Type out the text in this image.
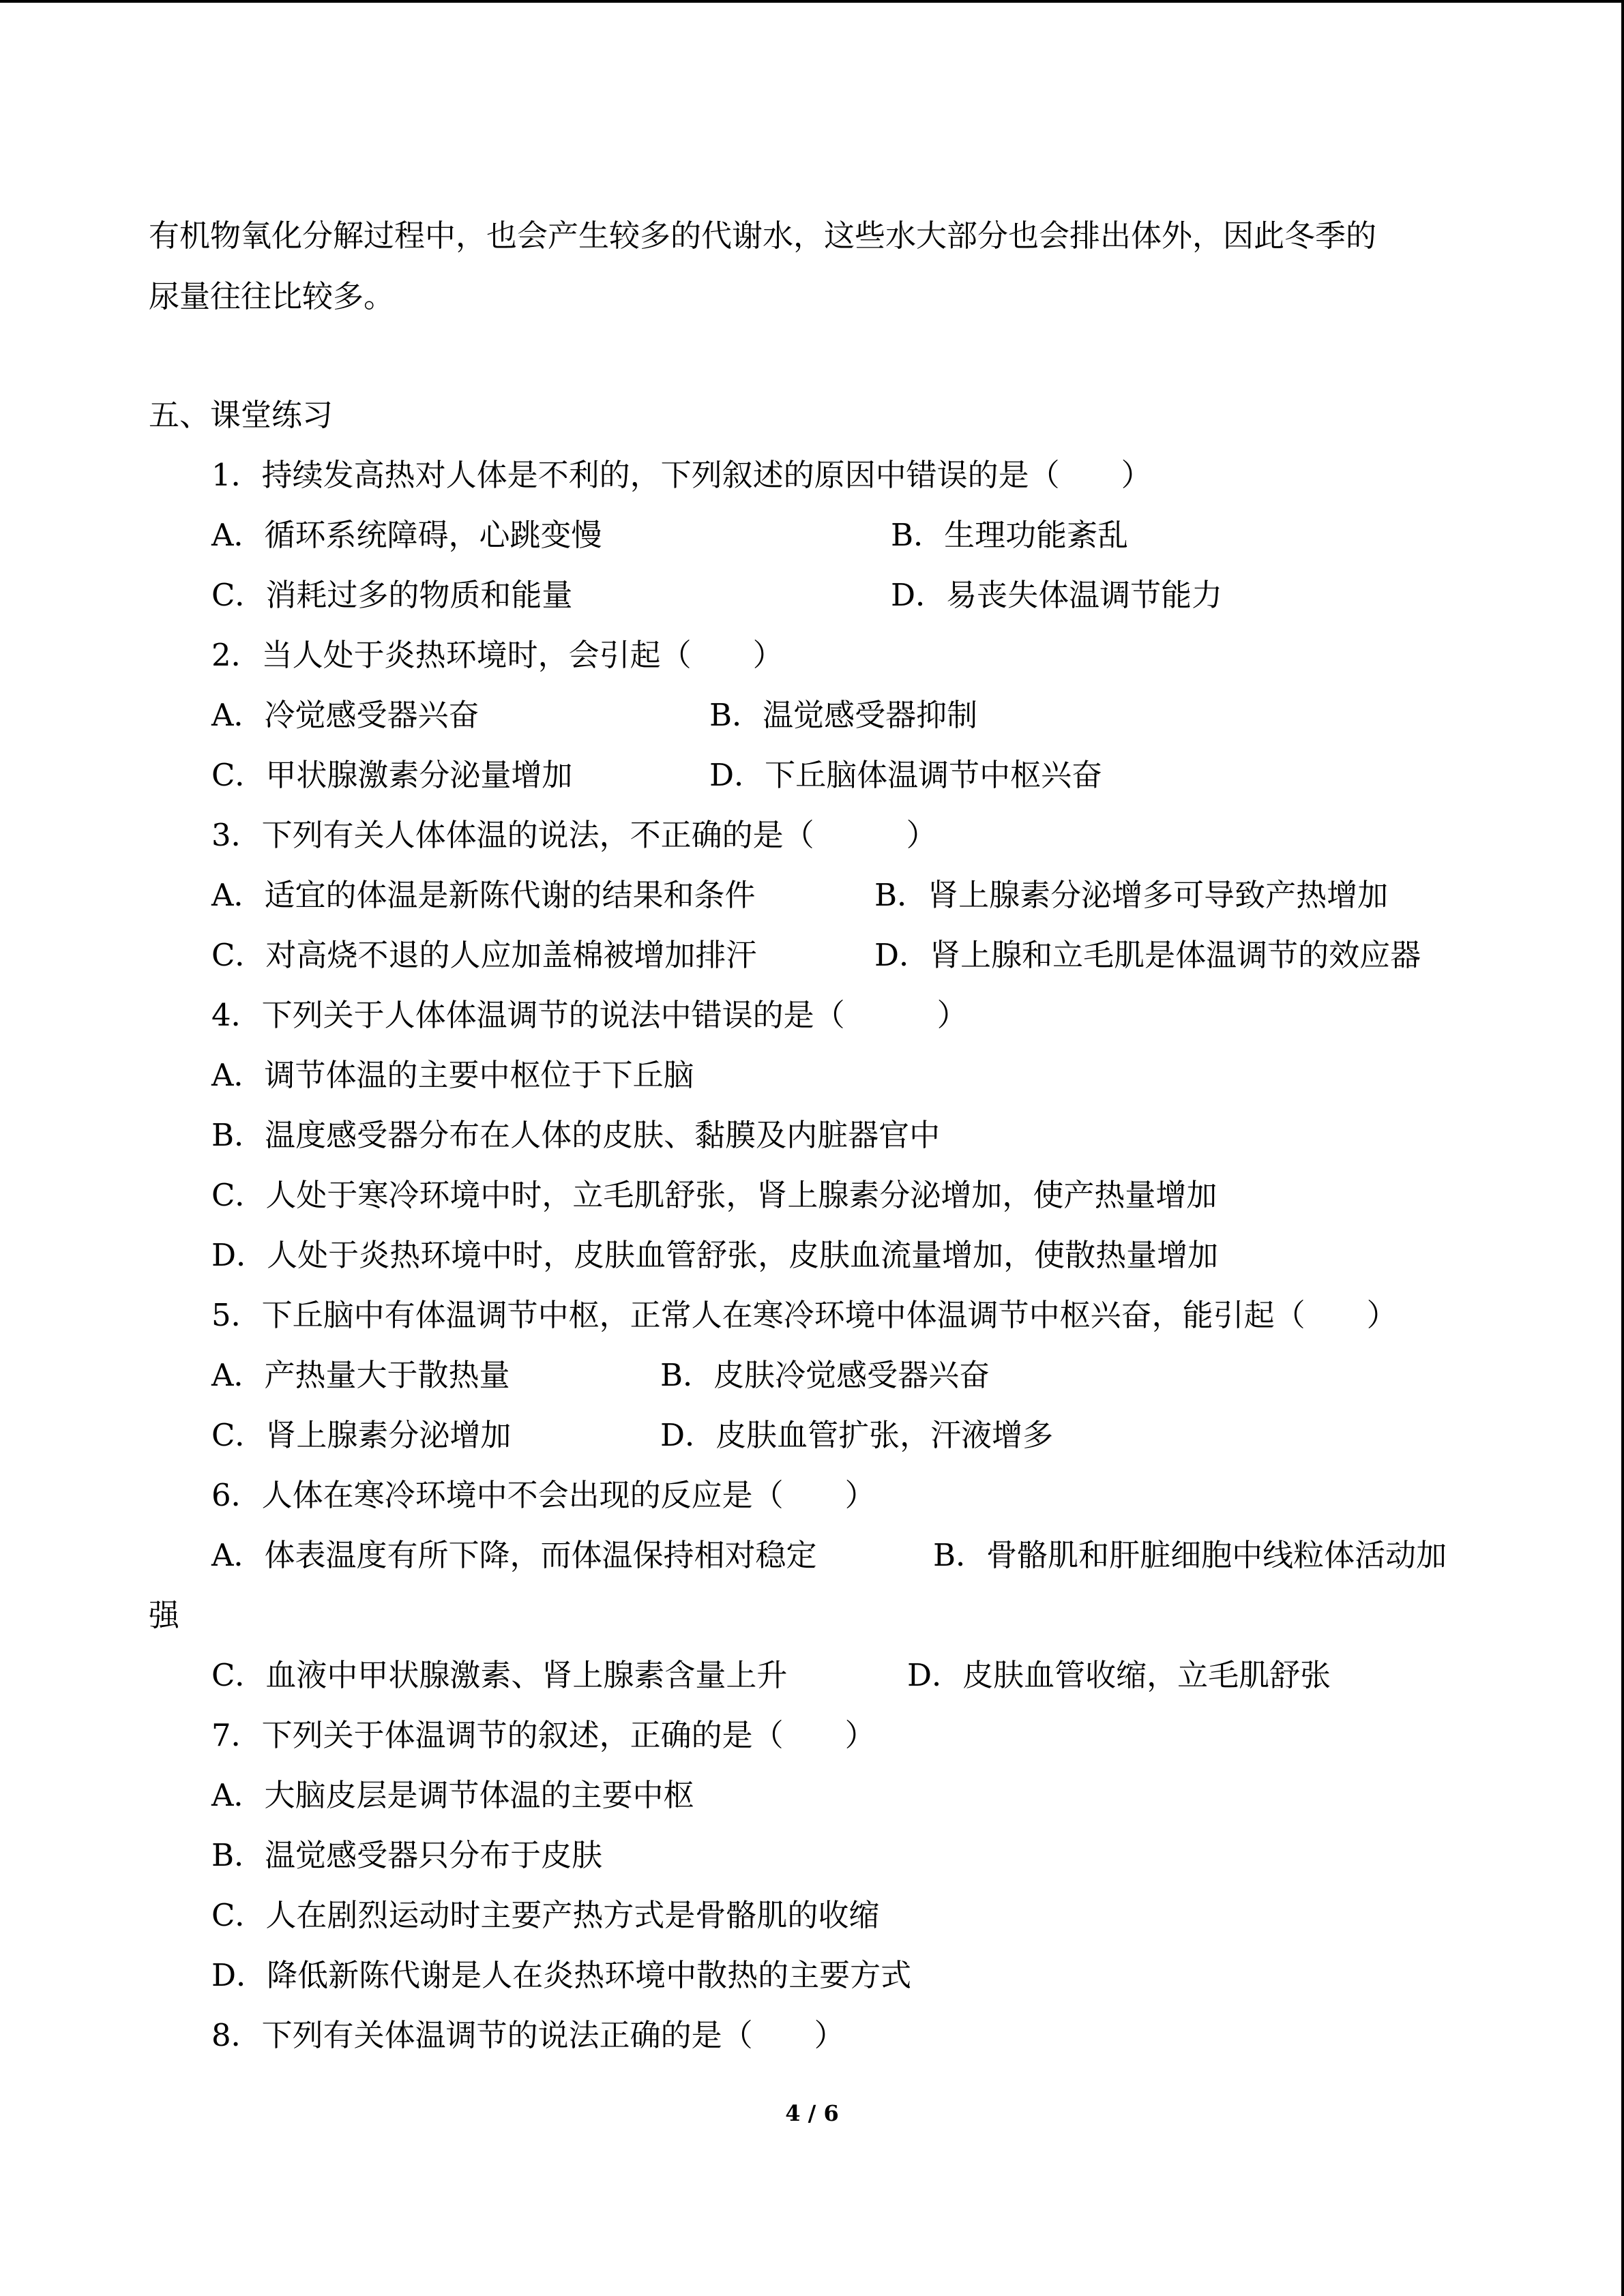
有机物氧化分解过程中，也会产生较多的代谢水，这些水大部分也会排出体外，因此冬季的
尿量往往比较多。
五、课堂练习
1．持续发高热对人体是不利的，下列叙述的原因中错误的是（　　）
A．循环系统障碍，心跳变慢	B．生理功能紊乱
C．消耗过多的物质和能量	D．易丧失体温调节能力
2．当人处于炎热环境时，会引起（　　）
A．冷觉感受器兴奋	B．温觉感受器抑制
C．甲状腺激素分泌量增加	D．下丘脑体温调节中枢兴奋
3．下列有关人体体温的说法，不正确的是（　　　）
A．适宜的体温是新陈代谢的结果和条件	B．肾上腺素分泌增多可导致产热增加
C．对高烧不退的人应加盖棉被增加排汗	D．肾上腺和立毛肌是体温调节的效应器
4．下列关于人体体温调节的说法中错误的是（　　　）
A．调节体温的主要中枢位于下丘脑
B．温度感受器分布在人体的皮肤、黏膜及内脏器官中
C．人处于寒冷环境中时，立毛肌舒张，肾上腺素分泌增加，使产热量增加
D．人处于炎热环境中时，皮肤血管舒张，皮肤血流量增加，使散热量增加
5．下丘脑中有体温调节中枢，正常人在寒冷环境中体温调节中枢兴奋，能引起（　　）
A．产热量大于散热量	B．皮肤冷觉感受器兴奋
C．肾上腺素分泌增加	D．皮肤血管扩张，汗液增多
6．人体在寒冷环境中不会出现的反应是（　　）
A．体表温度有所下降，而体温保持相对稳定	B．骨骼肌和肝脏细胞中线粒体活动加
强
C．血液中甲状腺激素、肾上腺素含量上升	D．皮肤血管收缩，立毛肌舒张
7．下列关于体温调节的叙述，正确的是（　　）
A．大脑皮层是调节体温的主要中枢
B．温觉感受器只分布于皮肤
C．人在剧烈运动时主要产热方式是骨骼肌的收缩
D．降低新陈代谢是人在炎热环境中散热的主要方式
8．下列有关体温调节的说法正确的是（　　）
4 / 6
